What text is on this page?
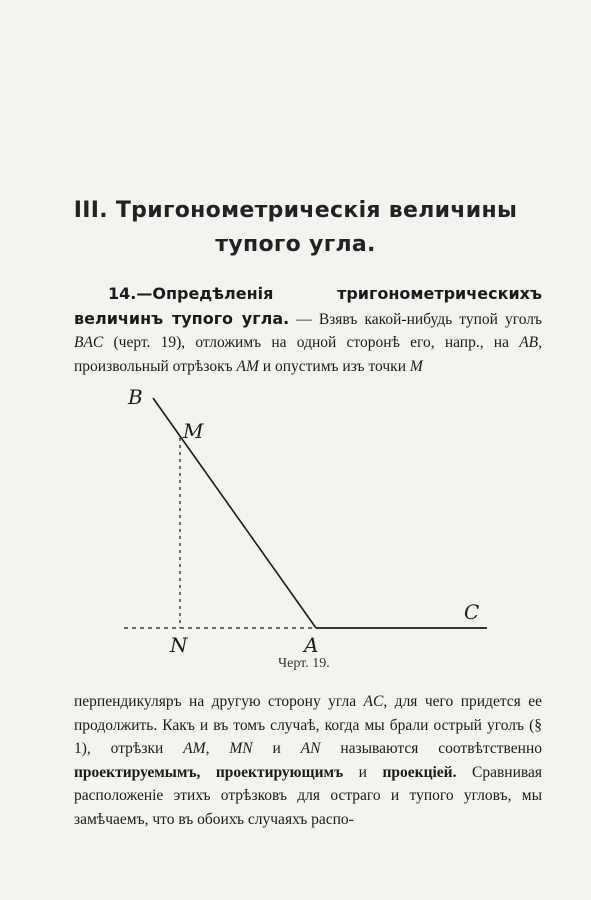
III. Тригонометрическія величины
тупого угла.
14.—Опредѣленія тригонометрическихъ величинъ тупого угла. — Взявъ какой-нибудь тупой уголъ BAC (черт. 19), отложимъ на одной сторонѣ его, напр., на AB, произвольный отрѣзокъ AM и опустимъ изъ точки M
B
M
N	A
C
Черт. 19.
перпендикуляръ на другую сторону угла AC, для чего придется ее продолжить. Какъ и въ томъ случаѣ, когда мы брали острый уголъ (§ 1), отрѣзки AM, MN и AN называются соотвѣтственно проектируемымъ, проектирующимъ и проекціей. Сравнивая расположеніе этихъ отрѣзковъ для остраго и тупого угловъ, мы замѣчаемъ, что въ обоихъ случаяхъ распо-
